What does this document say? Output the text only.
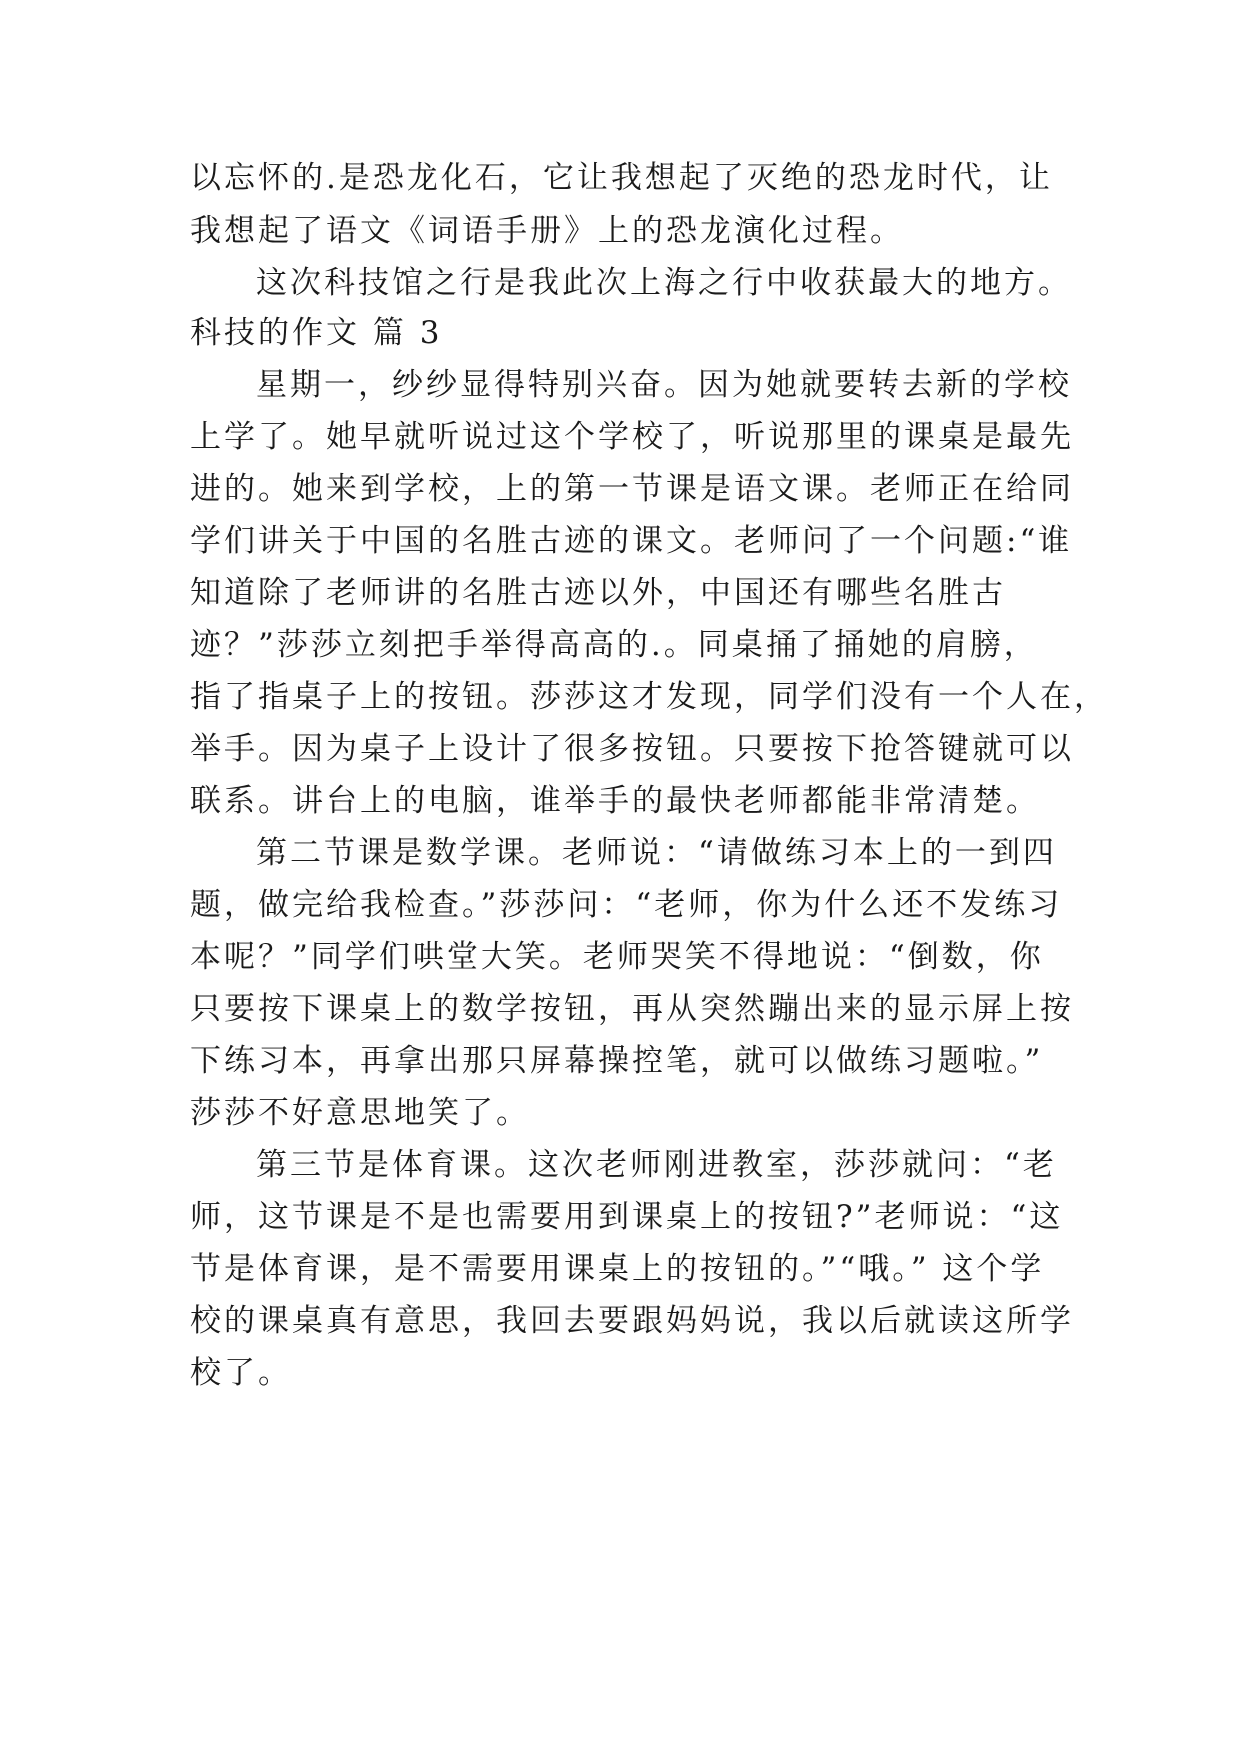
以忘怀的.是恐龙化石，它让我想起了灭绝的恐龙时代，让
我想起了语文《词语手册》上的恐龙演化过程。
这次科技馆之行是我此次上海之行中收获最大的地方。
科技的作文 篇 3
星期一，纱纱显得特别兴奋。因为她就要转去新的学校
上学了。她早就听说过这个学校了，听说那里的课桌是最先
进的。她来到学校，上的第一节课是语文课。老师正在给同
学们讲关于中国的名胜古迹的课文。老师问了一个问题:“谁
知道除了老师讲的名胜古迹以外，中国还有哪些名胜古
迹？”莎莎立刻把手举得高高的.。同桌捅了捅她的肩膀，
指了指桌子上的按钮。莎莎这才发现，同学们没有一个人在，
举手。因为桌子上设计了很多按钮。只要按下抢答键就可以
联系。讲台上的电脑，谁举手的最快老师都能非常清楚。
第二节课是数学课。老师说：“请做练习本上的一到四
题，做完给我检查。”莎莎问：“老师，你为什么还不发练习
本呢？”同学们哄堂大笑。老师哭笑不得地说：“倒数，你
只要按下课桌上的数学按钮，再从突然蹦出来的显示屏上按
下练习本，再拿出那只屏幕操控笔，就可以做练习题啦。”
莎莎不好意思地笑了。
第三节是体育课。这次老师刚进教室，莎莎就问：“老
师，这节课是不是也需要用到课桌上的按钮?”老师说：“这
节是体育课，是不需要用课桌上的按钮的。”“哦。” 这个学
校的课桌真有意思，我回去要跟妈妈说，我以后就读这所学
校了。
